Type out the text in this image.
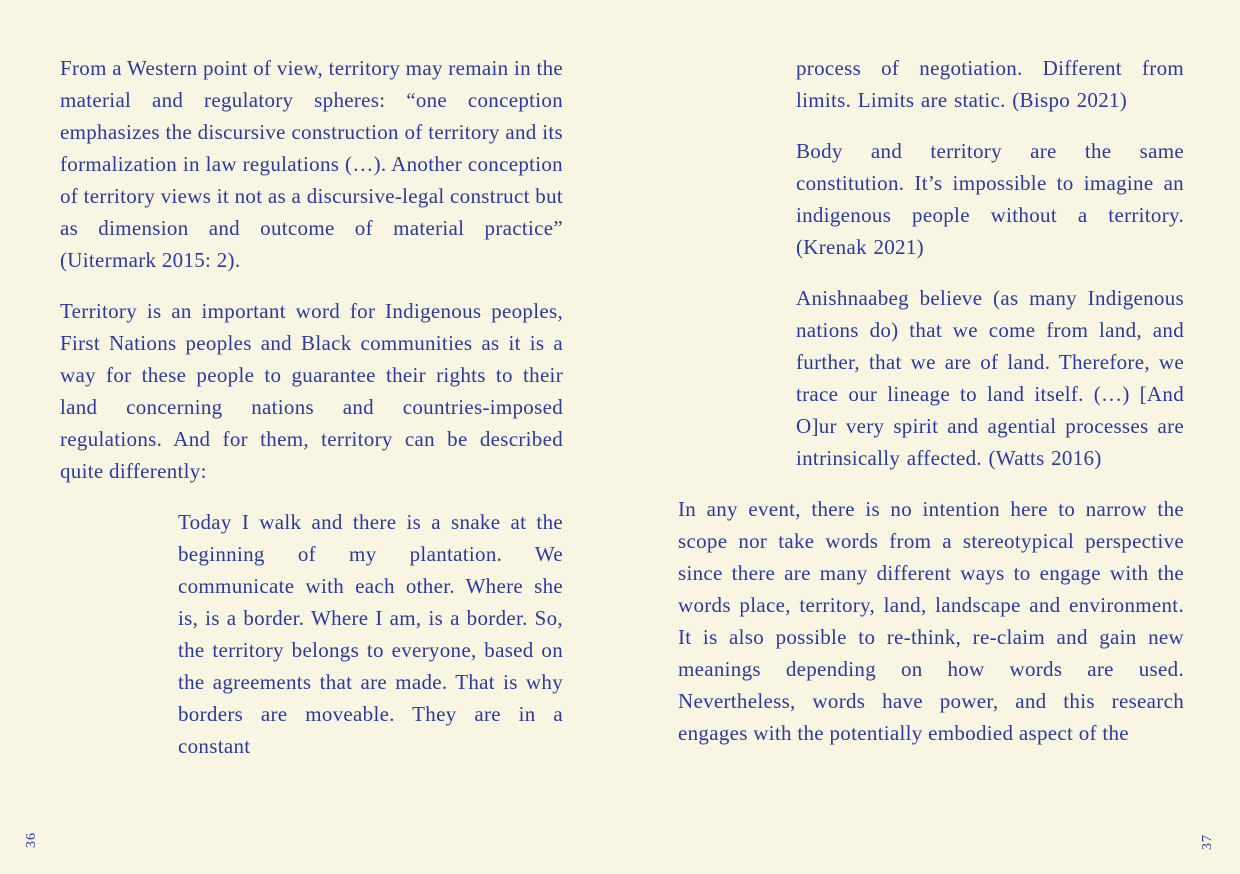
From a Western point of view, territory may remain in the material and regulatory spheres: “one conception emphasizes the discursive construction of territory and its formalization in law regulations (…). Another conception of territory views it not as a discursive-legal construct but as dimension and outcome of material practice” (Uitermark 2015: 2).

Territory is an important word for Indigenous peoples, First Nations peoples and Black communities as it is a way for these people to guarantee their rights to their land concerning nations and countries-imposed regulations. And for them, territory can be described quite differently:

Today I walk and there is a snake at the beginning of my plantation. We communicate with each other. Where she is, is a border. Where I am, is a border. So, the territory belongs to everyone, based on the agreements that are made. That is why borders are moveable. They are in a constant
process of negotiation. Different from limits. Limits are static. (Bispo 2021)
Body and territory are the same constitution. It’s impossible to imagine an indigenous people without a territory. (Krenak 2021)
Anishnaabeg believe (as many Indigenous nations do) that we come from land, and further, that we are of land. Therefore, we trace our lineage to land itself. (…) [And O]ur very spirit and agential processes are intrinsically affected. (Watts 2016)

In any event, there is no intention here to narrow the scope nor take words from a stereotypical perspective since there are many different ways to engage with the words place, territory, land, landscape and environment. It is also possible to re-think, re-claim and gain new meanings depending on how words are used. Nevertheless, words have power, and this research engages with the potentially embodied aspect of the

36	37
